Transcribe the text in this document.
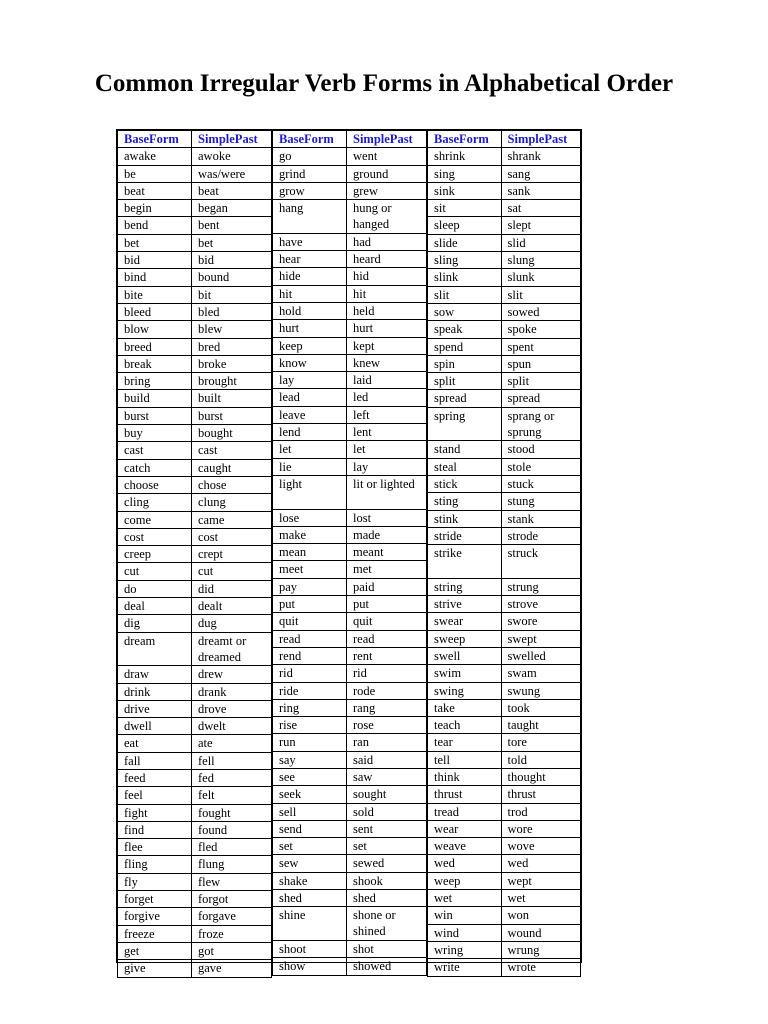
Common Irregular Verb Forms in Alphabetical Order
BaseForm	SimplePast
awake	awoke
be	was/were
beat	beat
begin	began
bend	bent
bet	bet
bid	bid
bind	bound
bite	bit
bleed	bled
blow	blew
breed	bred
break	broke
bring	brought
build	built
burst	burst
buy	bought
cast	cast
catch	caught
choose	chose
cling	clung
come	came
cost	cost
creep	crept
cut	cut
do	did
deal	dealt
dig	dug
dream	dreamt or dreamed

draw	drew
drink	drank
drive	drove
dwell	dwelt
eat	ate
fall	fell
feed	fed
feel	felt
fight	fought
find	found
flee	fled
fling	flung
fly	flew
forget	forgot
forgive	forgave
freeze	froze
get	got
give	gave
BaseForm	SimplePast
go	went
grind	ground
grow	grew
hang	hung or hanged

have	had
hear	heard
hide	hid
hit	hit
hold	held
hurt	hurt
keep	kept
know	knew
lay	laid
lead	led
leave	left
lend	lent
let	let
lie	lay
light	lit or lighted

lose	lost
make	made
mean	meant
meet	met
pay	paid
put	put
quit	quit
read	read
rend	rent
rid	rid
ride	rode
ring	rang
rise	rose
run	ran
say	said
see	saw
seek	sought
sell	sold
send	sent
set	set
sew	sewed
shake	shook
shed	shed
shine	shone or shined

shoot	shot
show	showed
BaseForm	SimplePast
shrink	shrank
sing	sang
sink	sank
sit	sat
sleep	slept
slide	slid
sling	slung
slink	slunk
slit	slit
sow	sowed
speak	spoke
spend	spent
spin	spun
split	split
spread	spread
spring	sprang or sprung

stand	stood
steal	stole
stick	stuck
sting	stung
stink	stank
stride	strode
strike	struck

string	strung
strive	strove
swear	swore
sweep	swept
swell	swelled
swim	swam
swing	swung
take	took
teach	taught
tear	tore
tell	told
think	thought
thrust	thrust
tread	trod
wear	wore
weave	wove
wed	wed
weep	wept
wet	wet
win	won
wind	wound
wring	wrung
write	wrote
